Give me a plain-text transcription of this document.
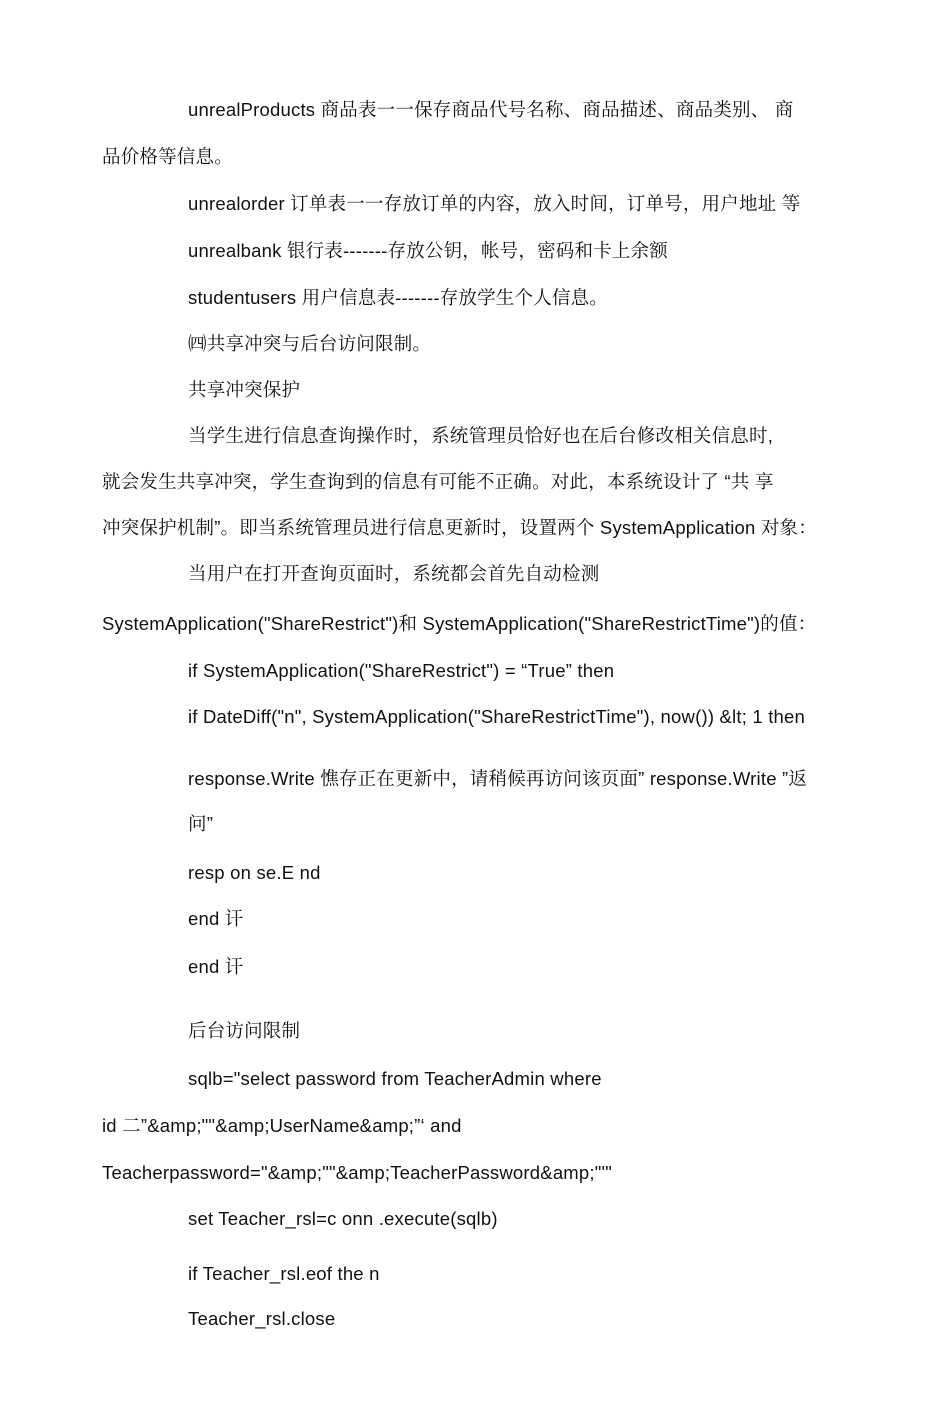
unrealProducts 商品表一一保存商品代号名称、商品描述、商品类别、 商
品价格等信息。
unrealorder 订单表一一存放订单的内容，放入时间，订单号，用户地址 等
unrealbank 银行表-------存放公钥，帐号，密码和卡上余额
studentusers 用户信息表-------存放学生个人信息。
㈣共享冲突与后台访问限制。
共享冲突保护
当学生进行信息查询操作时，系统管理员恰好也在后台修改相关信息时,
就会发生共享冲突，学生查询到的信息有可能不正确。对此，本系统设计了 “共 享
冲突保护机制”。即当系统管理员进行信息更新时，设置两个 SystemApplication 对象：
当用户在打开查询页面时，系统都会首先自动检测
SystemApplication("ShareRestrict")和 SystemApplication("ShareRestrictTime")的值：
if SystemApplication("ShareRestrict") = “True” then
if DateDiff("n", SystemApplication("ShareRestrictTime"), now()) &lt; 1 then
response.Write 憔存正在更新中，请稍候再访问该页面” response.Write ”返
问”
resp on se.E nd
end 讦
end 讦
后台访问限制
sqlb="select password from TeacherAdmin where
id 二”&amp;""&amp;UserName&amp;”‘ and
Teacherpassword="&amp;""&amp;TeacherPassword&amp;"'"
set Teacher_rsl=c onn .execute(sqlb)
if Teacher_rsl.eof the n
Teacher_rsl.close
